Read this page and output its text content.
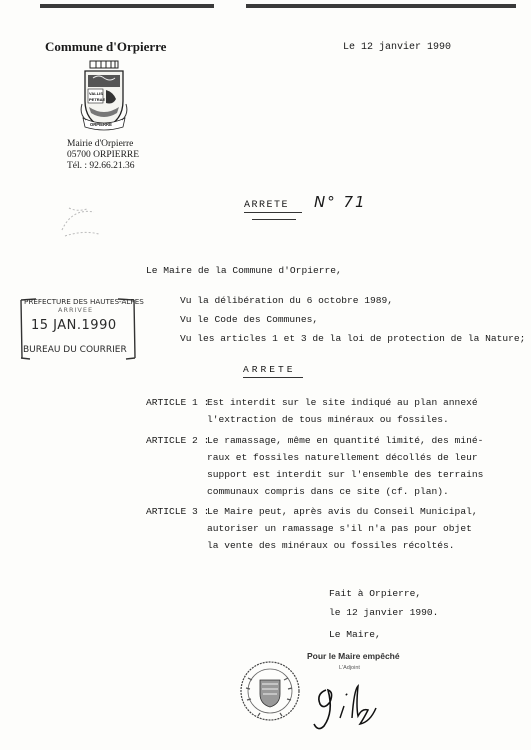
Commune d'Orpierre	Le 12 janvier 1990
VALLIS
PETRAE
ORPIERRE
Mairie d'Orpierre
05700 ORPIERRE
Tél. : 92.66.21.36
ARRETE N° 71
Le Maire de la Commune d'Orpierre,
Vu la délibération du 6 octobre 1989,
Vu le Code des Communes,
Vu les articles 1 et 3 de la loi de protection de la Nature;
PREFECTURE DES HAUTES-ALPES
ARRIVEE
15 JAN.1990
BUREAU DU COURRIER
ARRETE
ARTICLE 1 :
Est interdit sur le site indiqué au plan annexé
l'extraction de tous minéraux ou fossiles.
ARTICLE 2 :
Le ramassage, même en quantité limité, des miné-
raux et fossiles naturellement décollés de leur
support est interdit sur l'ensemble des terrains
communaux compris dans ce site (cf. plan).
ARTICLE 3 :
Le Maire peut, après avis du Conseil Municipal,
autoriser un ramassage s'il n'a pas pour objet
la vente des minéraux ou fossiles récoltés.
Fait à Orpierre,
le 12 janvier 1990.
Le Maire,
Pour le Maire empêché
L'Adjoint
